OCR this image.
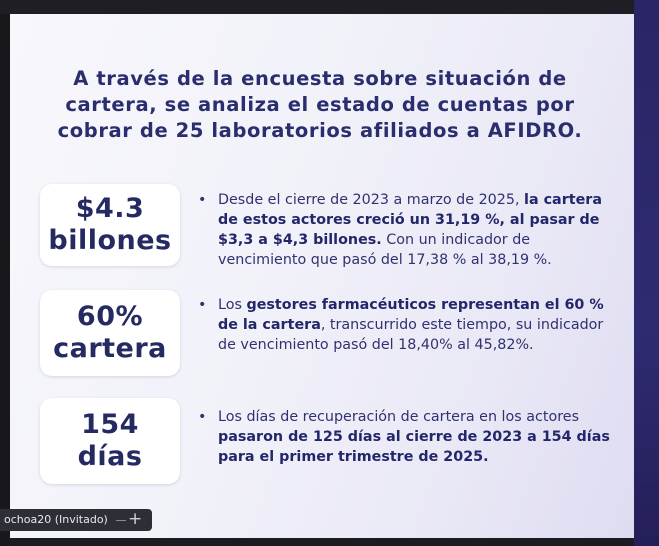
A través de la encuesta sobre situación de
cartera, se analiza el estado de cuentas por
cobrar de 25 laboratorios afiliados a AFIDRO.
$4.3
billones
60%
cartera
154
días
• Desde el cierre de 2023 a marzo de 2025, la cartera de estos actores creció un 31,19 %, al pasar de $3,3 a $4,3 billones. Con un indicador de vencimiento que pasó del 17,38 % al 38,19 %.
• Los gestores farmacéuticos representan el 60 % de la cartera, transcurrido este tiempo, su indicador de vencimiento pasó del 18,40% al 45,82%.
• Los días de recuperación de cartera en los actores pasaron de 125 días al cierre de 2023 a 154 días para el primer trimestre de 2025.
ochoa20 (Invitado) +
